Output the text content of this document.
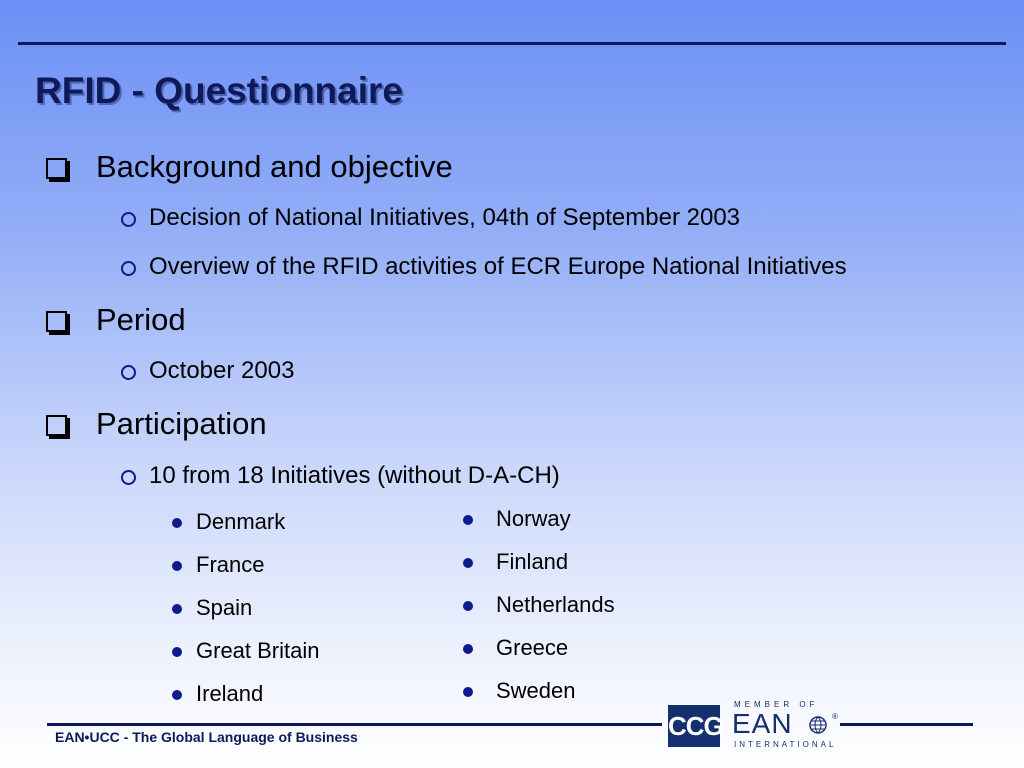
RFID - Questionnaire
Background and objective
Decision of National Initiatives, 04th of September 2003
Overview of the RFID activities of ECR Europe National Initiatives
Period
October 2003
Participation
10 from 18 Initiatives (without D-A-CH)
Denmark
France
Spain
Great Britain
Ireland
Norway
Finland
Netherlands
Greece
Sweden
EAN•UCC - The Global Language of Business	CCG
MEMBER OF
EAN	®
INTERNATIONAL
